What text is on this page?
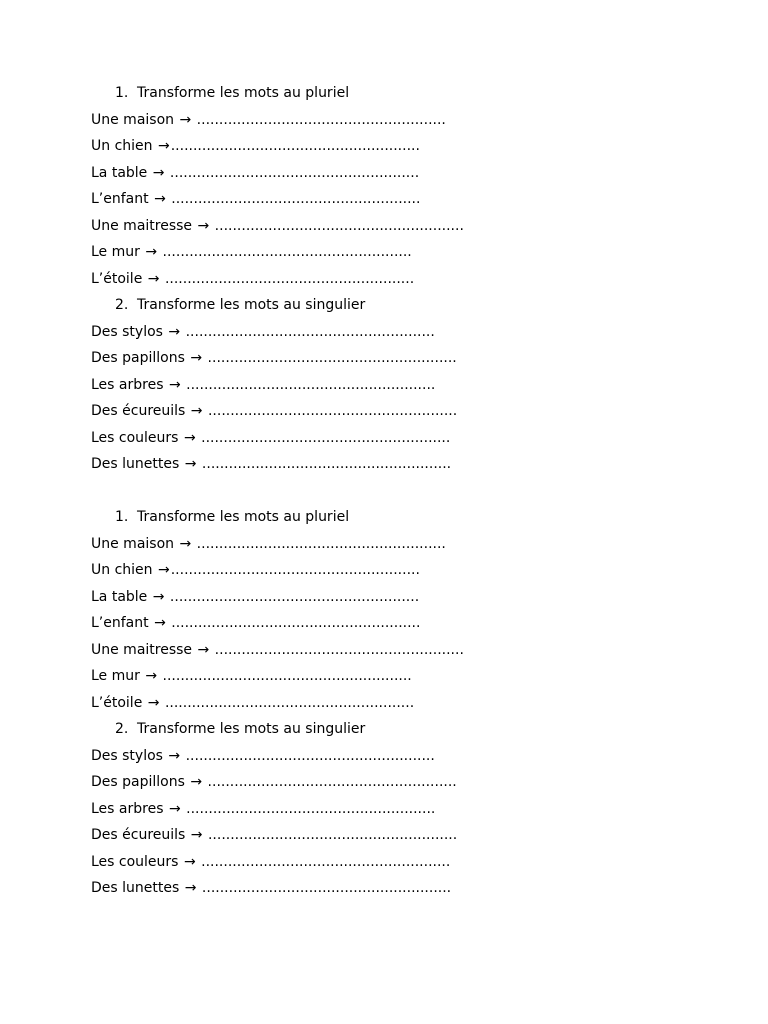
1. Transforme les mots au pluriel
Une maison → ........................................................
Un chien →........................................................
La table → ........................................................
L’enfant → ........................................................
Une maitresse → ........................................................
Le mur → ........................................................
L’étoile → ........................................................
2. Transforme les mots au singulier
Des stylos → ........................................................
Des papillons → ........................................................
Les arbres → ........................................................
Des écureuils → ........................................................
Les couleurs → ........................................................
Des lunettes → ........................................................
1. Transforme les mots au pluriel
Une maison → ........................................................
Un chien →........................................................
La table → ........................................................
L’enfant → ........................................................
Une maitresse → ........................................................
Le mur → ........................................................
L’étoile → ........................................................
2. Transforme les mots au singulier
Des stylos → ........................................................
Des papillons → ........................................................
Les arbres → ........................................................
Des écureuils → ........................................................
Les couleurs → ........................................................
Des lunettes → ........................................................
